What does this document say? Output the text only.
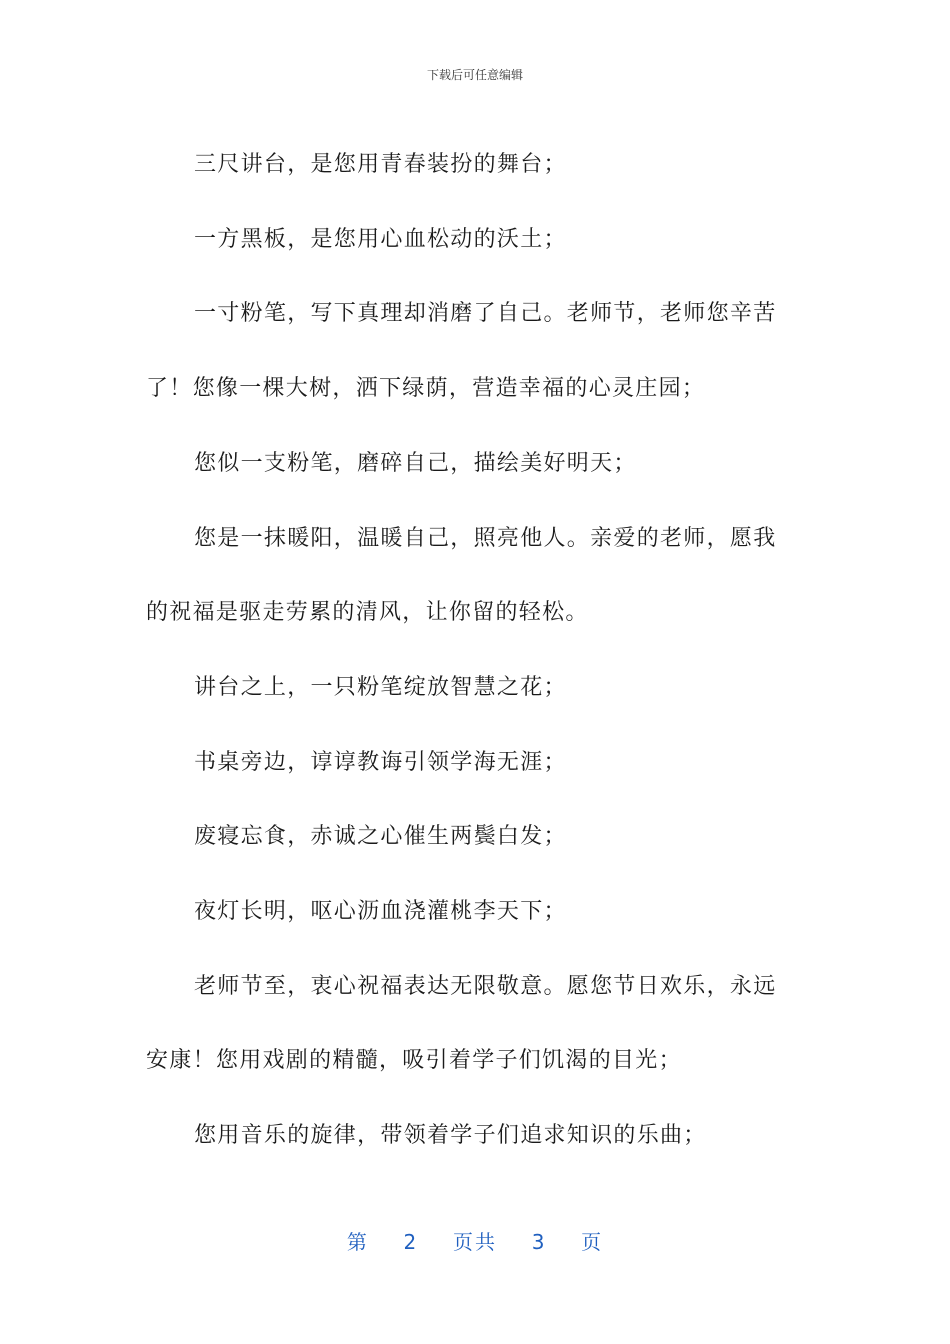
下载后可任意编辑
三尺讲台，是您用青春装扮的舞台；
一方黑板，是您用心血松动的沃土；
一寸粉笔，写下真理却消磨了自己。老师节，老师您辛苦
了！您像一棵大树，洒下绿荫，营造幸福的心灵庄园；
您似一支粉笔，磨碎自己，描绘美好明天；
您是一抹暖阳，温暖自己，照亮他人。亲爱的老师，愿我
的祝福是驱走劳累的清风，让你留的轻松。
讲台之上，一只粉笔绽放智慧之花；
书桌旁边，谆谆教诲引领学海无涯；
废寝忘食，赤诚之心催生两鬓白发；
夜灯长明，呕心沥血浇灌桃李天下；
老师节至，衷心祝福表达无限敬意。愿您节日欢乐，永远
安康！您用戏剧的精髓，吸引着学子们饥渴的目光；
您用音乐的旋律，带领着学子们追求知识的乐曲；
第 2 页共 3 页
